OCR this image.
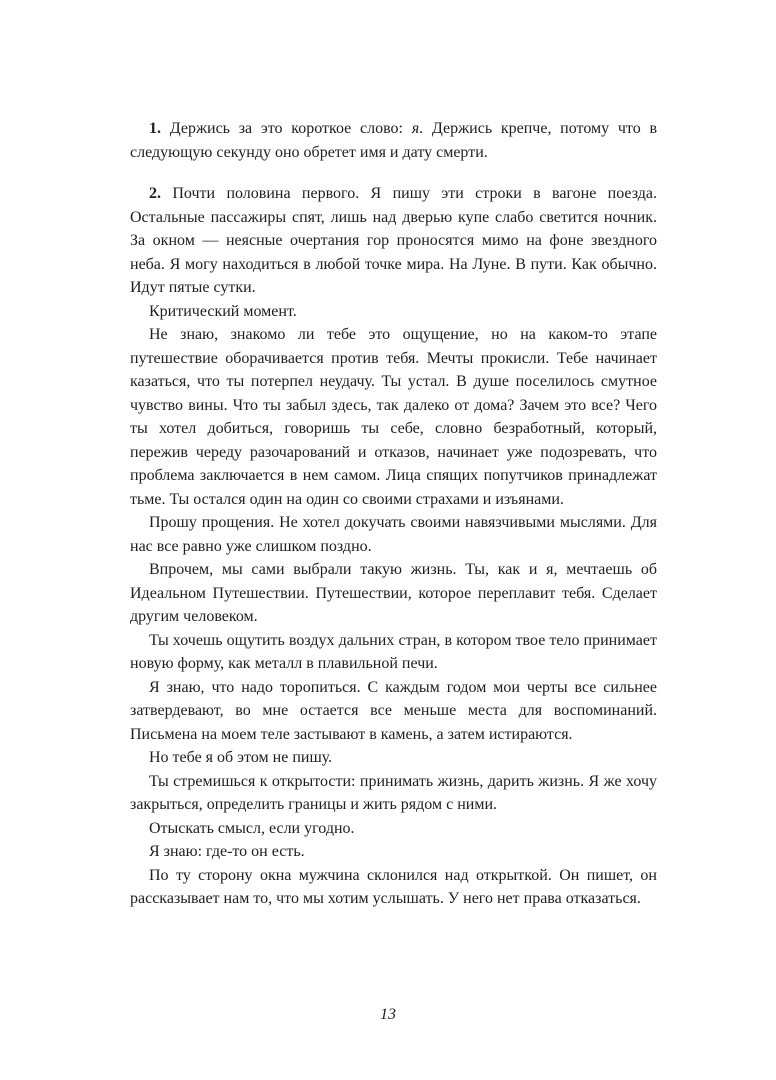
1. Держись за это короткое слово: я. Держись крепче, потому что в следующую секунду оно обретет имя и дату смерти.

2. Почти половина первого. Я пишу эти строки в вагоне поезда. Остальные пассажиры спят, лишь над дверью купе слабо светится ночник. За окном — неясные очертания гор проносятся мимо на фоне звездного неба. Я могу находиться в любой точке мира. На Луне. В пути. Как обычно. Идут пятые сутки.

Критический момент.

Не знаю, знакомо ли тебе это ощущение, но на каком-то этапе путешествие оборачивается против тебя. Мечты прокисли. Тебе начинает казаться, что ты потерпел неудачу. Ты устал. В душе поселилось смутное чувство вины. Что ты забыл здесь, так далеко от дома? Зачем это все? Чего ты хотел добиться, говоришь ты себе, словно безработный, который, пережив череду разочарований и отказов, начинает уже подозревать, что проблема заключается в нем самом. Лица спящих попутчиков принадлежат тьме. Ты остался один на один со своими страхами и изъянами.

Прошу прощения. Не хотел докучать своими навязчивыми мыслями. Для нас все равно уже слишком поздно.

Впрочем, мы сами выбрали такую жизнь. Ты, как и я, мечтаешь об Идеальном Путешествии. Путешествии, которое переплавит тебя. Сделает другим человеком.

Ты хочешь ощутить воздух дальних стран, в котором твое тело принимает новую форму, как металл в плавильной печи.

Я знаю, что надо торопиться. С каждым годом мои черты все сильнее затвердевают, во мне остается все меньше места для воспоминаний. Письмена на моем теле застывают в камень, а затем истираются.

Но тебе я об этом не пишу.

Ты стремишься к открытости: принимать жизнь, дарить жизнь. Я же хочу закрыться, определить границы и жить рядом с ними.

Отыскать смысл, если угодно.

Я знаю: где-то он есть.

По ту сторону окна мужчина склонился над открыткой. Он пишет, он рассказывает нам то, что мы хотим услышать. У него нет права отказаться.

13
